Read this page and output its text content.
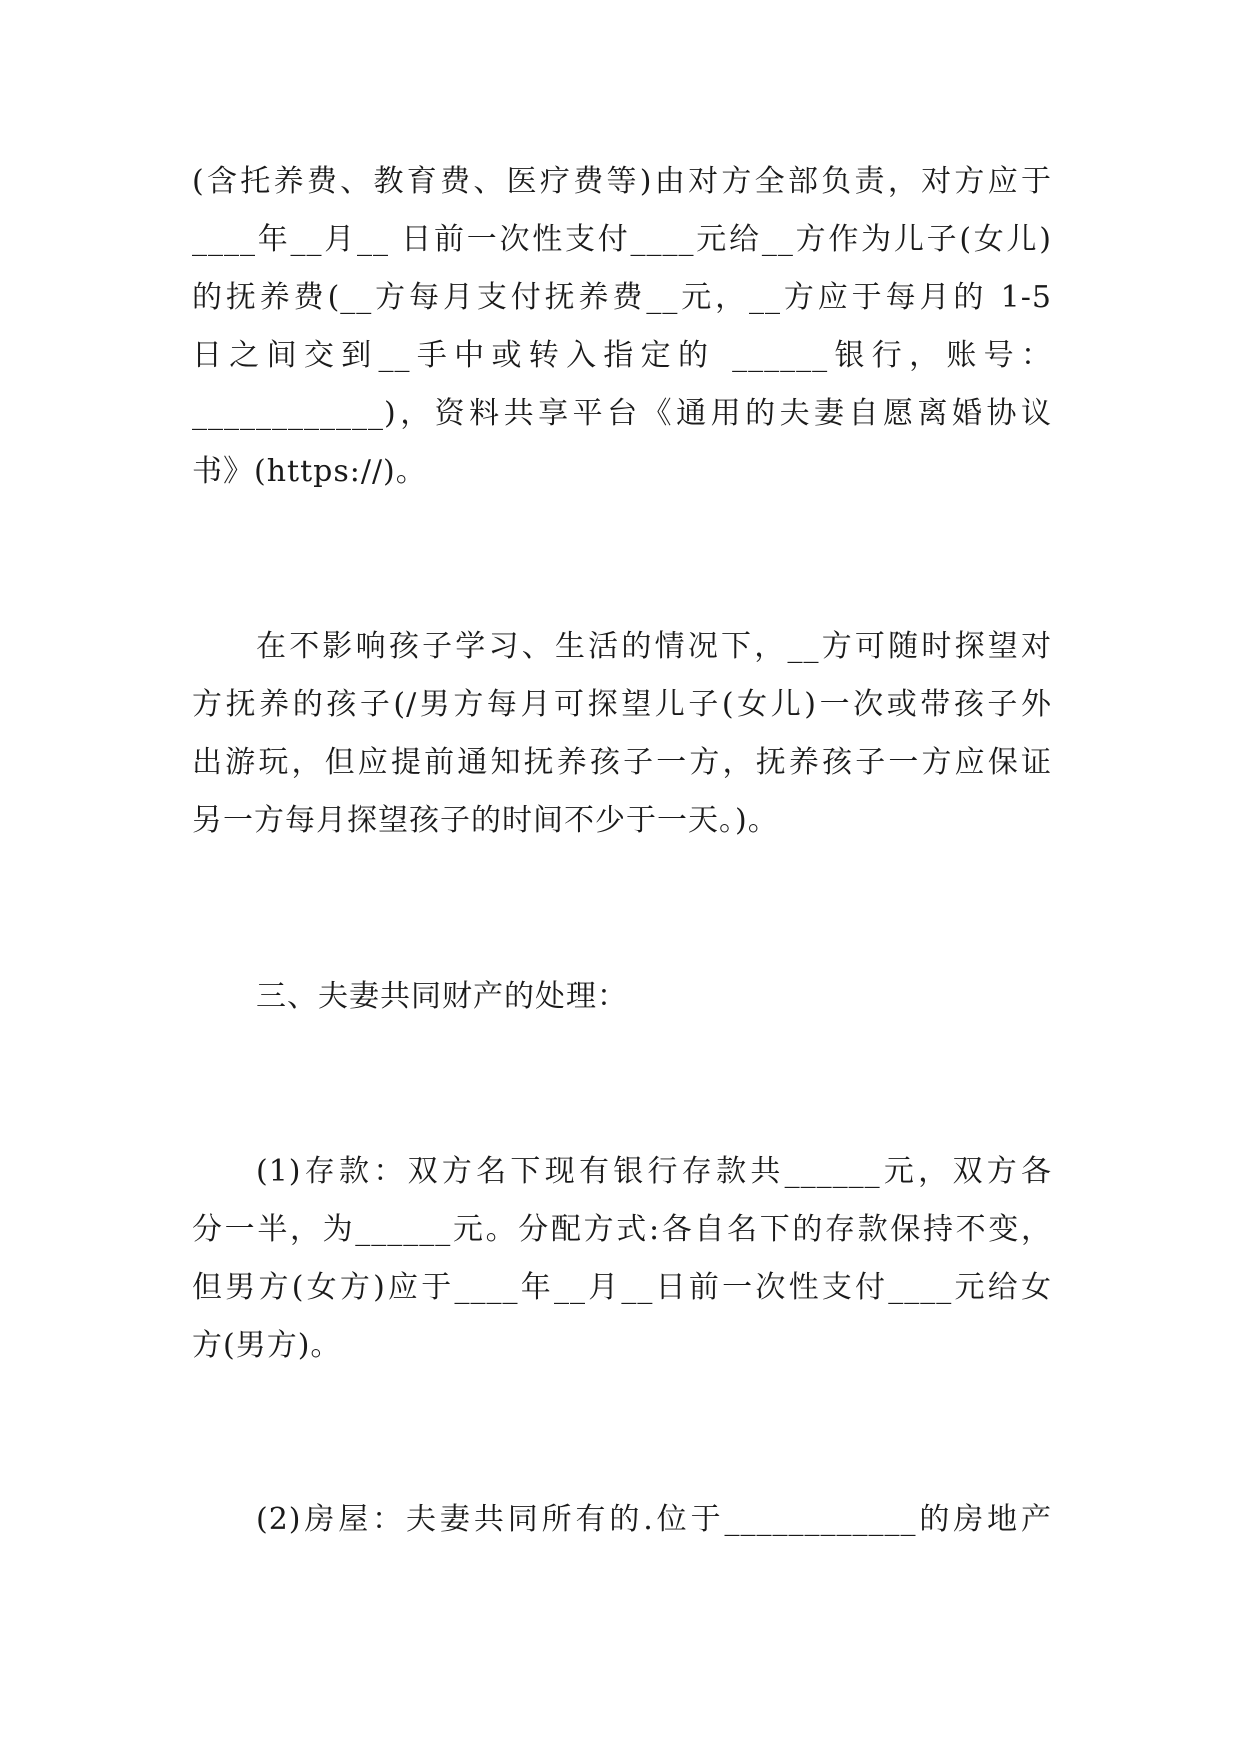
(含托养费、教育费、医疗费等)由对方全部负责，对方应于
____年__月__ 日前一次性支付____元给__方作为儿子(女儿)
的抚养费(__方每月支付抚养费__元，__方应于每月的 1-5
日之间交到__手中或转入指定的 ______银行，账号：
____________)，资料共享平台《通用的夫妻自愿离婚协议
书》(https://)。
在不影响孩子学习、生活的情况下，__方可随时探望对
方抚养的孩子(/男方每月可探望儿子(女儿)一次或带孩子外
出游玩，但应提前通知抚养孩子一方，抚养孩子一方应保证
另一方每月探望孩子的时间不少于一天。)。
三、夫妻共同财产的处理：
(1)存款：双方名下现有银行存款共______元，双方各
分一半，为______元。分配方式:各自名下的存款保持不变，
但男方(女方)应于____年__月__日前一次性支付____元给女
方(男方)。
(2)房屋：夫妻共同所有的.位于____________的房地产
